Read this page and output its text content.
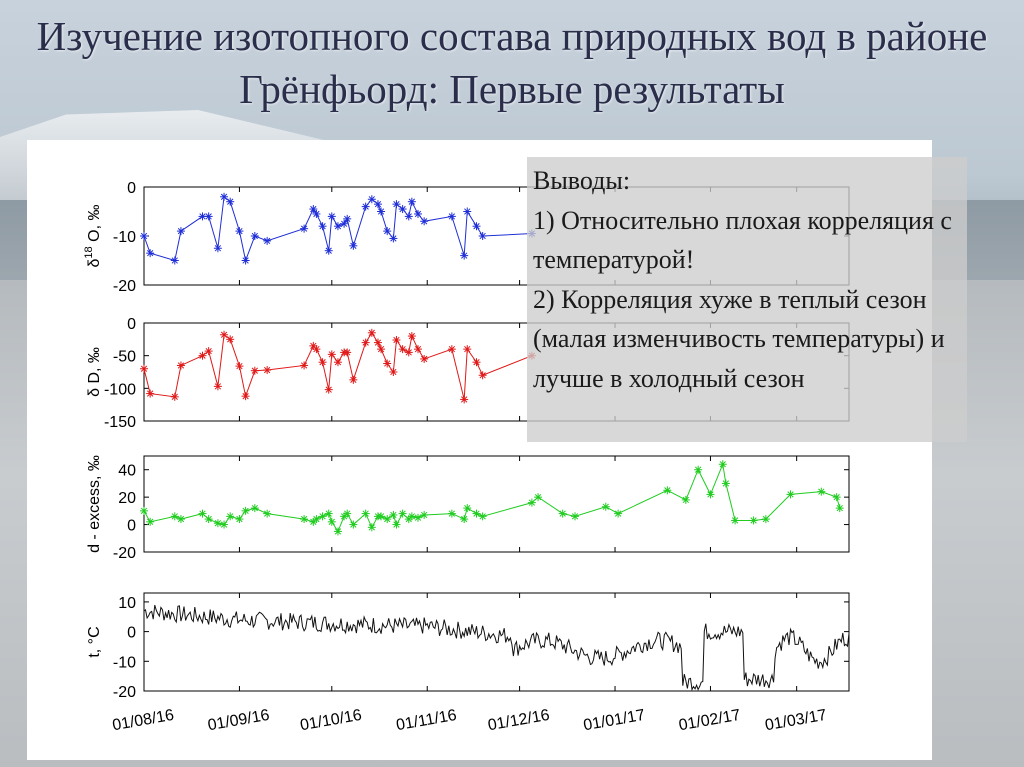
Изучение изотопного состава природных вод в районе Грёнфьорд: Первые результаты
0
-10
-20
$\delta^{18}$ O, ‰
0
-50
-100
-150
δ D, ‰
40
20
0
-20
d - excess, ‰
10
0
-10
-20
t, °C
01/08/16 01/09/16 01/10/16 01/11/16 01/12/16 01/01/17 01/02/17 01/03/17
Выводы:
1) Относительно плохая корреляция с температурой!
2) Корреляция хуже в теплый сезон (малая изменчивость температуры) и лучше в холодный сезон
